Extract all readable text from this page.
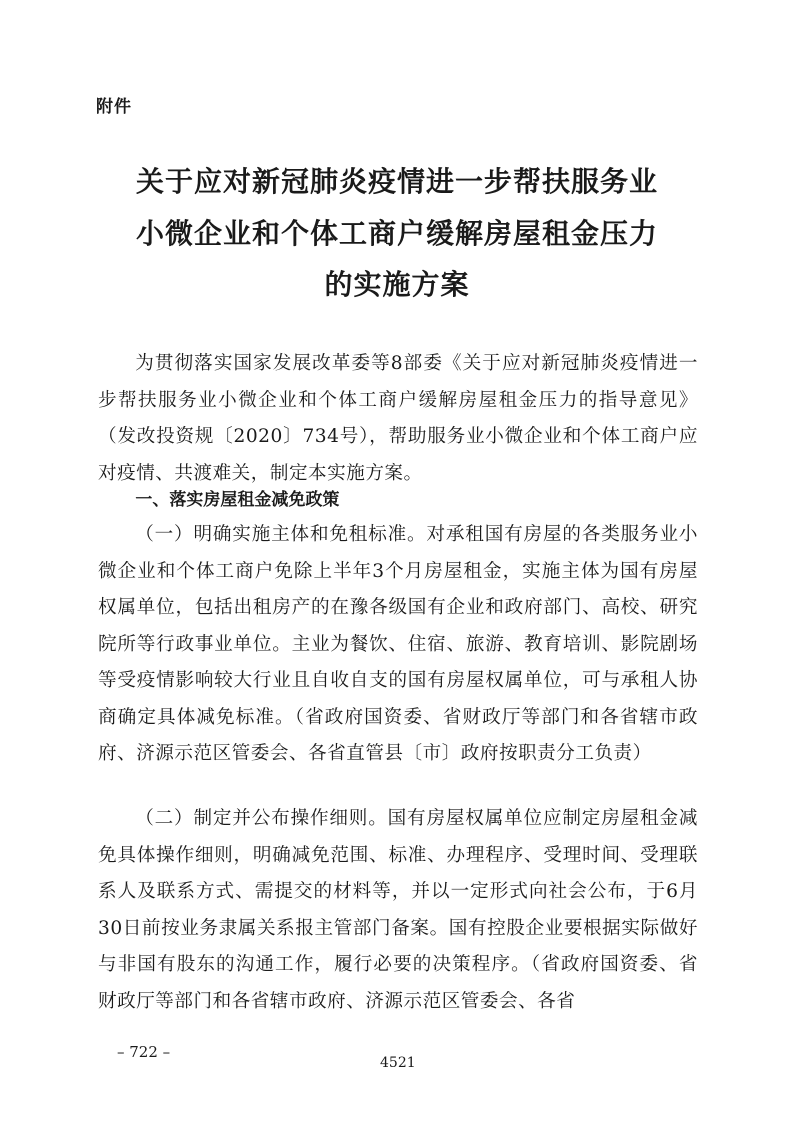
附件
关于应对新冠肺炎疫情进一步帮扶服务业
小微企业和个体工商户缓解房屋租金压力
的实施方案

为贯彻落实国家发展改革委等8部委《关于应对新冠肺炎疫情进一步帮扶服务业小微企业和个体工商户缓解房屋租金压力的指导意见》（发改投资规〔2020〕734号），帮助服务业小微企业和个体工商户应对疫情、共渡难关，制定本实施方案。

一、落实房屋租金减免政策

（一）明确实施主体和免租标准。对承租国有房屋的各类服务业小微企业和个体工商户免除上半年3个月房屋租金，实施主体为国有房屋权属单位，包括出租房产的在豫各级国有企业和政府部门、高校、研究院所等行政事业单位。主业为餐饮、住宿、旅游、教育培训、影院剧场等受疫情影响较大行业且自收自支的国有房屋权属单位，可与承租人协商确定具体减免标准。（省政府国资委、省财政厅等部门和各省辖市政府、济源示范区管委会、各省直管县〔市〕政府按职责分工负责）

（二）制定并公布操作细则。国有房屋权属单位应制定房屋租金减免具体操作细则，明确减免范围、标准、办理程序、受理时间、受理联系人及联系方式、需提交的材料等，并以一定形式向社会公布，于6月30日前按业务隶属关系报主管部门备案。国有控股企业要根据实际做好与非国有股东的沟通工作，履行必要的决策程序。（省政府国资委、省财政厅等部门和各省辖市政府、济源示范区管委会、各省

– 722 –
4521
